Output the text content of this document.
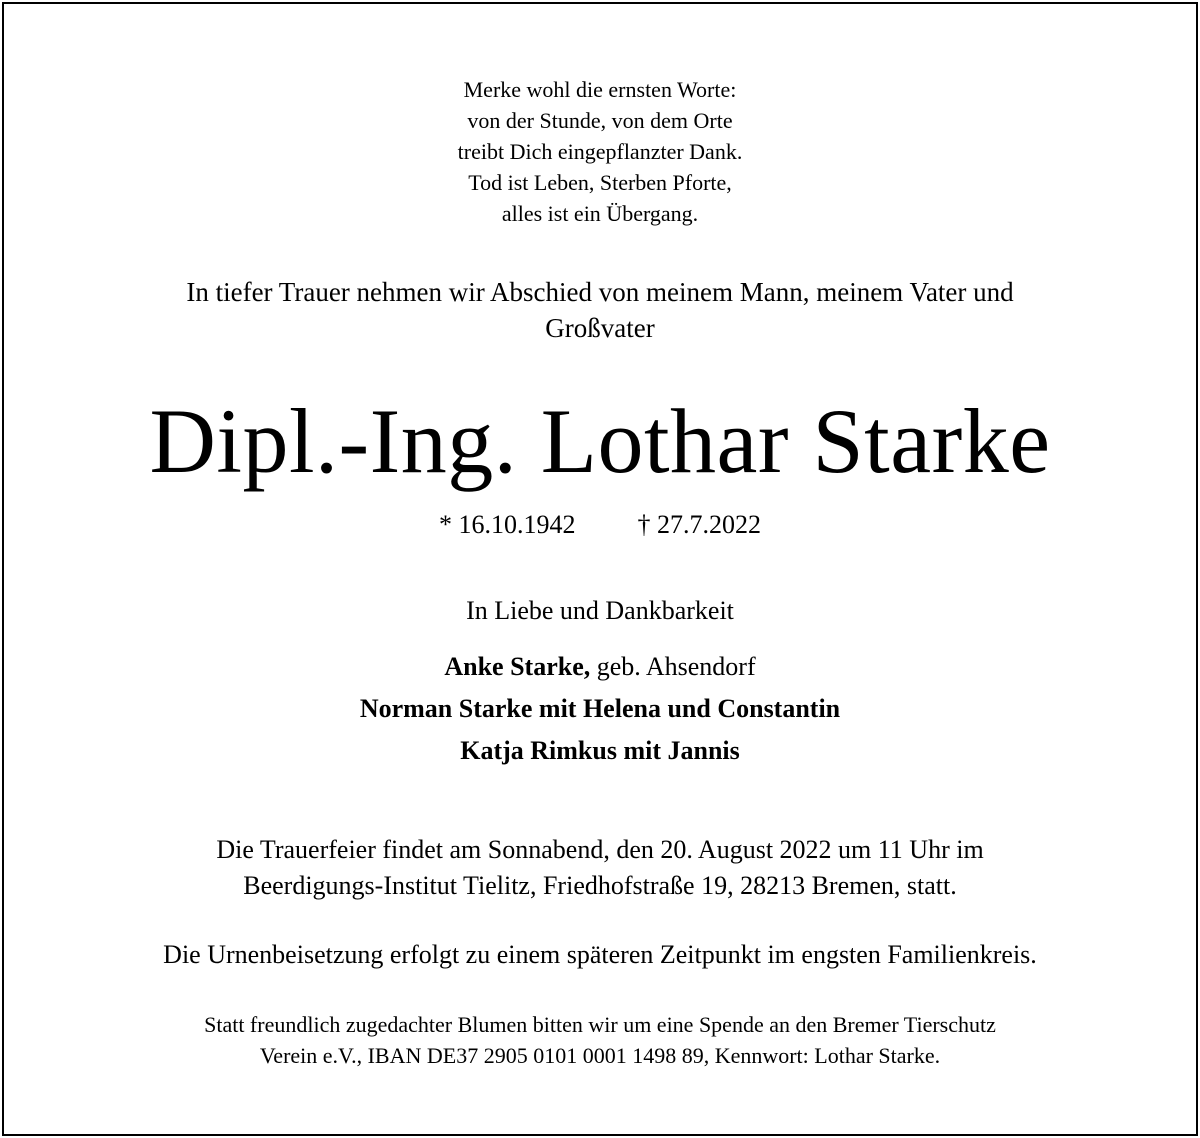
Merke wohl die ernsten Worte:
von der Stunde, von dem Orte
treibt Dich eingepflanzter Dank.
Tod ist Leben, Sterben Pforte,
alles ist ein Übergang.
In tiefer Trauer nehmen wir Abschied von meinem Mann, meinem Vater und
Großvater
Dipl.-Ing. Lothar Starke
* 16.10.1942 † 27.7.2022
In Liebe und Dankbarkeit
Anke Starke, geb. Ahsendorf
Norman Starke mit Helena und Constantin
Katja Rimkus mit Jannis
Die Trauerfeier findet am Sonnabend, den 20. August 2022 um 11 Uhr im
Beerdigungs-Institut Tielitz, Friedhofstraße 19, 28213 Bremen, statt.
Die Urnenbeisetzung erfolgt zu einem späteren Zeitpunkt im engsten Familienkreis.
Statt freundlich zugedachter Blumen bitten wir um eine Spende an den Bremer Tierschutz
Verein e.V., IBAN DE37 2905 0101 0001 1498 89, Kennwort: Lothar Starke.
